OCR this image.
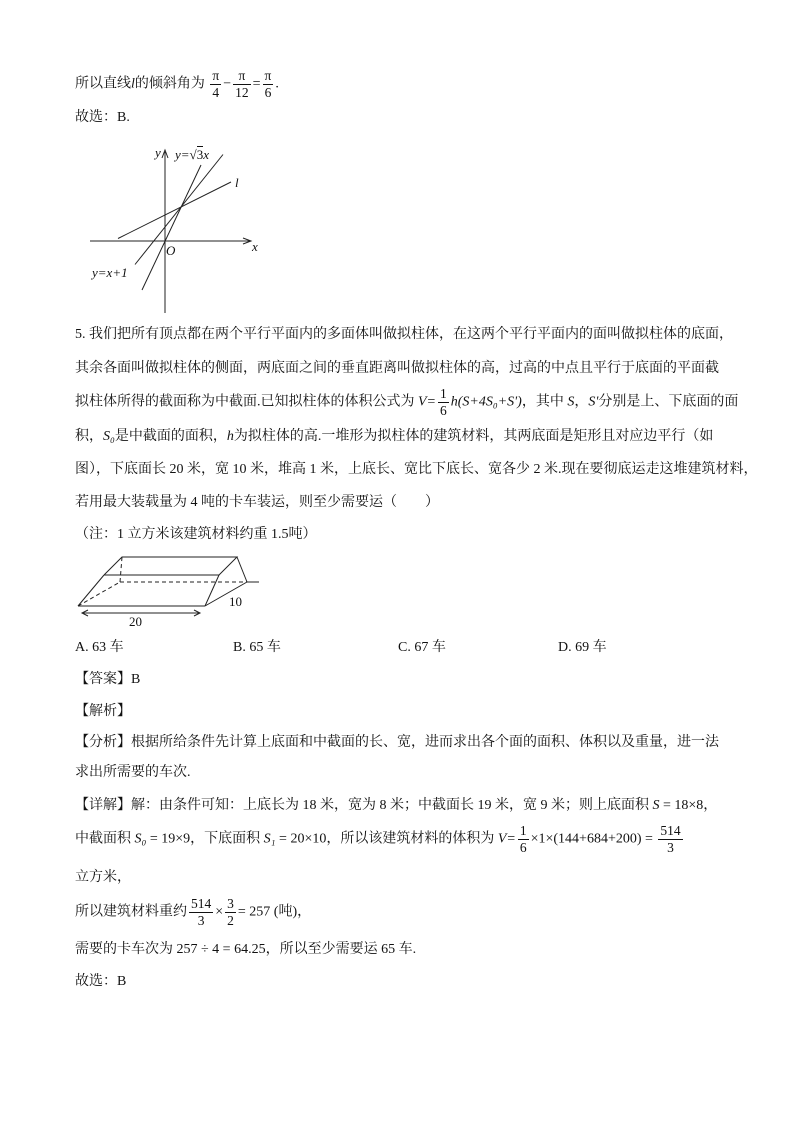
所以直线l的倾斜角为 $\frac{\pi}{4} - \frac{\pi}{12} = \frac{\pi}{6}$ .
故选：B.
y y=√3x
l
x
O
y=x+1
5. 我们把所有顶点都在两个平行平面内的多面体叫做拟柱体，在这两个平行平面内的面叫做拟柱体的底面，
其余各面叫做拟柱体的侧面，两底面之间的垂直距离叫做拟柱体的高，过高的中点且平行于底面的平面截
拟柱体所得的截面称为中截面.已知拟柱体的体积公式为 $V= \frac{1}{6} h(S+4S_0+S')$，其中 S，S'分别是上、下底面的面
积，S₀是中截面的面积，h为拟柱体的高.一堆形为拟柱体的建筑材料，其两底面是矩形且对应边平行（如
图），下底面长 20 米，宽 10 米，堆高 1 米，上底长、宽比下底长、宽各少 2 米.现在要彻底运走这堆建筑材料，
若用最大装载量为 4 吨的卡车装运，则至少需要运（　　）
（注：1 立方米该建筑材料约重 1.5吨）
20
10
A. 63 车	B. 65 车	C. 67 车	D. 69 车
【答案】B
【解析】
【分析】根据所给条件先计算上底面和中截面的长、宽，进而求出各个面的面积、体积以及重量，进一法
求出所需要的车次.
【详解】解：由条件可知：上底长为 18 米，宽为 8 米；中截面长 19 米，宽 9 米；则上底面积 S = 18×8，
中截面积 S₀ = 19×9，下底面积 S₁ = 20×10，所以该建筑材料的体积为 $V= \frac{1}{6} \times 1\times(144+684+200) = \frac{514}{3}$
立方米，
所以建筑材料重约 $\frac{514}{3} \times \frac{3}{2} = 257$ (吨)，
需要的卡车次为 257 ÷ 4 = 64.25，所以至少需要运 65 车.
故选：B
